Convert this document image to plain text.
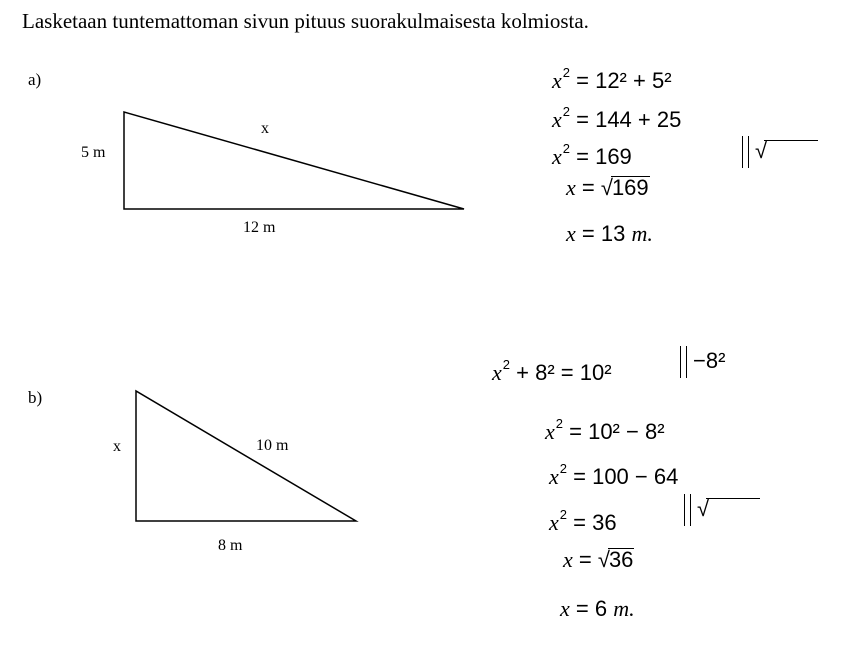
Lasketaan tuntemattoman sivun pituus suorakulmaisesta kolmiosta.
a)
5 m
12 m
x
$x^2 = 12^2 + 5^2$
$x^2 = 144 + 25$
$x^2 = 169$
x = √169
x = 13 m.
√
b)
x
8 m
10 m
$x^2 + 8^2 = 10^2$	−8²
$x^2 = 10^2 - 8^2$
$x^2 = 100 - 64$
$x^2 = 36$
√
x = √36
x = 6 m.
